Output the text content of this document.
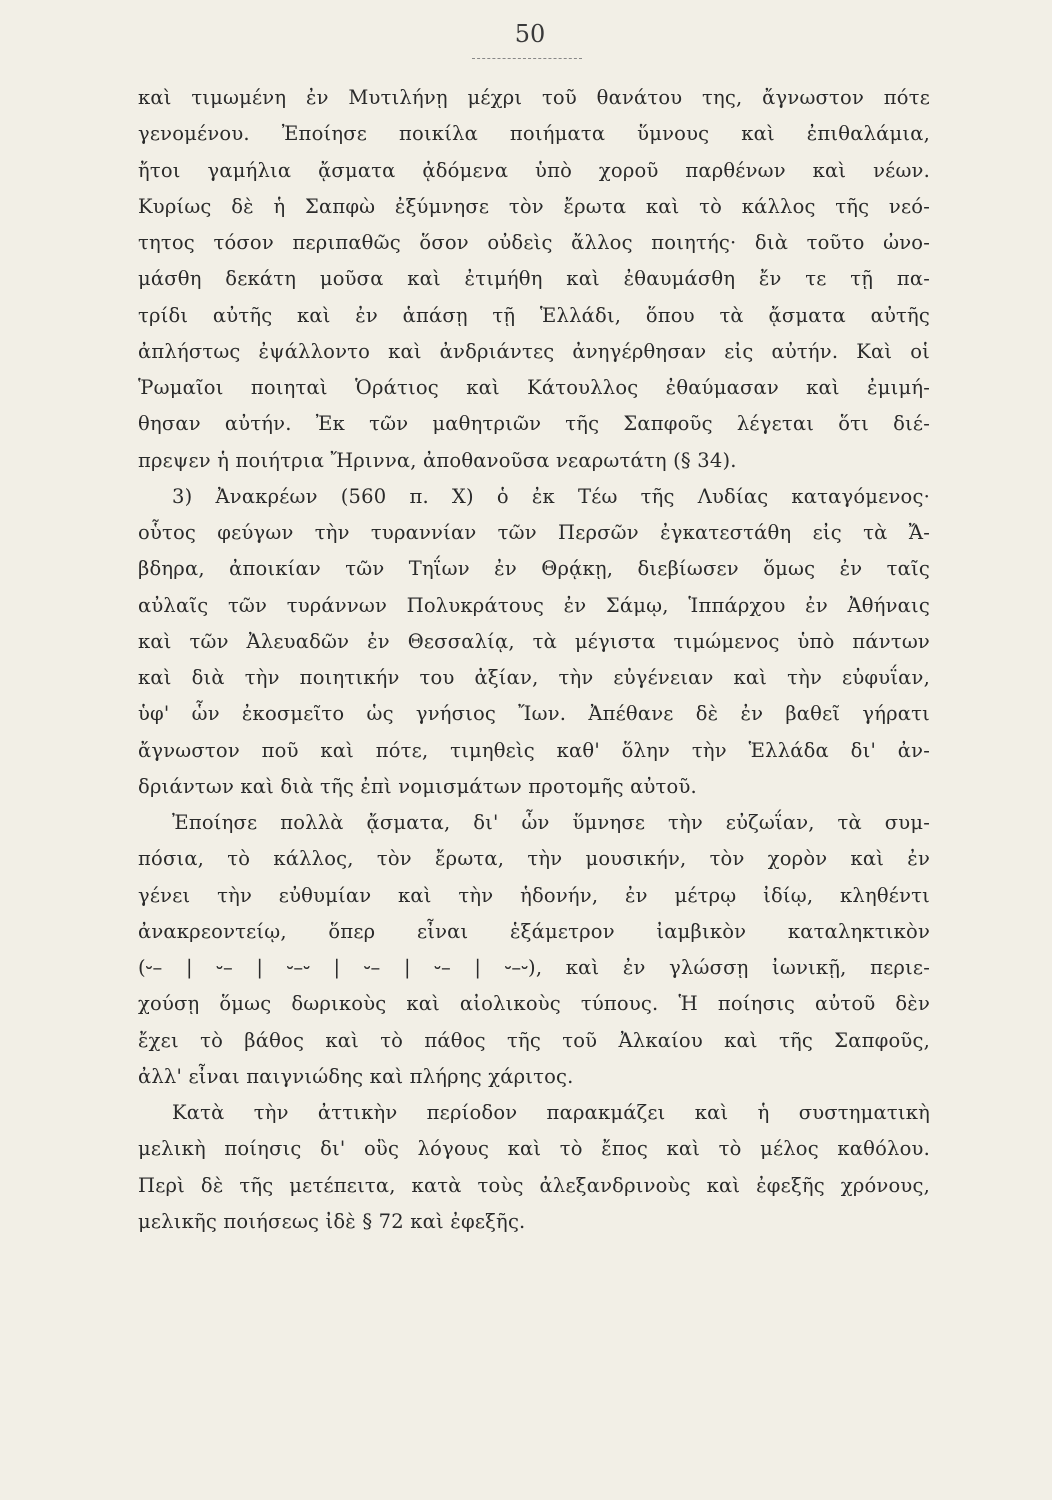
50
καὶ τιμωμένη ἐν Μυτιλήνῃ μέχρι τοῦ θανάτου της, ἄγνωστον πότε
γενομένου. Ἐποίησε ποικίλα ποιήματα ὕμνους καὶ ἐπιθαλάμια,
ἤτοι γαμήλια ᾄσματα ᾀδόμενα ὑπὸ χοροῦ παρθένων καὶ νέων.
Κυρίως δὲ ἡ Σαπφὼ ἐξύμνησε τὸν ἔρωτα καὶ τὸ κάλλος τῆς νεό-
τητος τόσον περιπαθῶς ὅσον οὐδεὶς ἄλλος ποιητής· διὰ τοῦτο ὠνο-
μάσθη δεκάτη μοῦσα καὶ ἐτιμήθη καὶ ἐθαυμάσθη ἔν τε τῇ πα-
τρίδι αὐτῆς καὶ ἐν ἁπάσῃ τῇ Ἑλλάδι, ὅπου τὰ ᾄσματα αὐτῆς
ἀπλήστως ἐψάλλοντο καὶ ἀνδριάντες ἀνηγέρθησαν εἰς αὐτήν. Καὶ οἱ
Ῥωμαῖοι ποιηταὶ Ὁράτιος καὶ Κάτουλλος ἐθαύμασαν καὶ ἐμιμή-
θησαν αὐτήν. Ἐκ τῶν μαθητριῶν τῆς Σαπφοῦς λέγεται ὅτι διέ-
πρεψεν ἡ ποιήτρια Ἤριννα, ἀποθανοῦσα νεαρωτάτη (§ 34).
3) Ἀνακρέων (560 π. Χ) ὁ ἐκ Τέω τῆς Λυδίας καταγόμενος·
οὗτος φεύγων τὴν τυραννίαν τῶν Περσῶν ἐγκατεστάθη εἰς τὰ Ἄ-
βδηρα, ἀποικίαν τῶν Τηΐων ἐν Θρᾴκῃ, διεβίωσεν ὅμως ἐν ταῖς
αὐλαῖς τῶν τυράννων Πολυκράτους ἐν Σάμῳ, Ἱππάρχου ἐν Ἀθήναις
καὶ τῶν Ἀλευαδῶν ἐν Θεσσαλίᾳ, τὰ μέγιστα τιμώμενος ὑπὸ πάντων
καὶ διὰ τὴν ποιητικήν του ἀξίαν, τὴν εὐγένειαν καὶ τὴν εὐφυΐαν,
ὑφ' ὧν ἐκοσμεῖτο ὡς γνήσιος Ἴων. Ἀπέθανε δὲ ἐν βαθεῖ γήρατι
ἄγνωστον ποῦ καὶ πότε, τιμηθεὶς καθ' ὅλην τὴν Ἑλλάδα δι' ἀν-
δριάντων καὶ διὰ τῆς ἐπὶ νομισμάτων προτομῆς αὐτοῦ.
Ἐποίησε πολλὰ ᾄσματα, δι' ὧν ὕμνησε τὴν εὐζωΐαν, τὰ συμ-
πόσια, τὸ κάλλος, τὸν ἔρωτα, τὴν μουσικήν, τὸν χορὸν καὶ ἐν
γένει τὴν εὐθυμίαν καὶ τὴν ἡδονήν, ἐν μέτρῳ ἰδίῳ, κληθέντι
ἀνακρεοντείῳ, ὅπερ εἶναι ἑξάμετρον ἰαμβικὸν καταληκτικὸν
(⏑– | ⏑– | ⏑–⏑ | ⏑– | ⏑– | ⏑–⏑), καὶ ἐν γλώσσῃ ἰωνικῇ, περιε-
χούσῃ ὅμως δωρικοὺς καὶ αἰολικοὺς τύπους. Ἡ ποίησις αὐτοῦ δὲν
ἔχει τὸ βάθος καὶ τὸ πάθος τῆς τοῦ Ἀλκαίου καὶ τῆς Σαπφοῦς,
ἀλλ' εἶναι παιγνιώδης καὶ πλήρης χάριτος.
Κατὰ τὴν ἀττικὴν περίοδον παρακμάζει καὶ ἡ συστηματικὴ
μελικὴ ποίησις δι' οὓς λόγους καὶ τὸ ἔπος καὶ τὸ μέλος καθόλου.
Περὶ δὲ τῆς μετέπειτα, κατὰ τοὺς ἀλεξανδρινοὺς καὶ ἐφεξῆς χρόνους,
μελικῆς ποιήσεως ἰδὲ § 72 καὶ ἐφεξῆς.
